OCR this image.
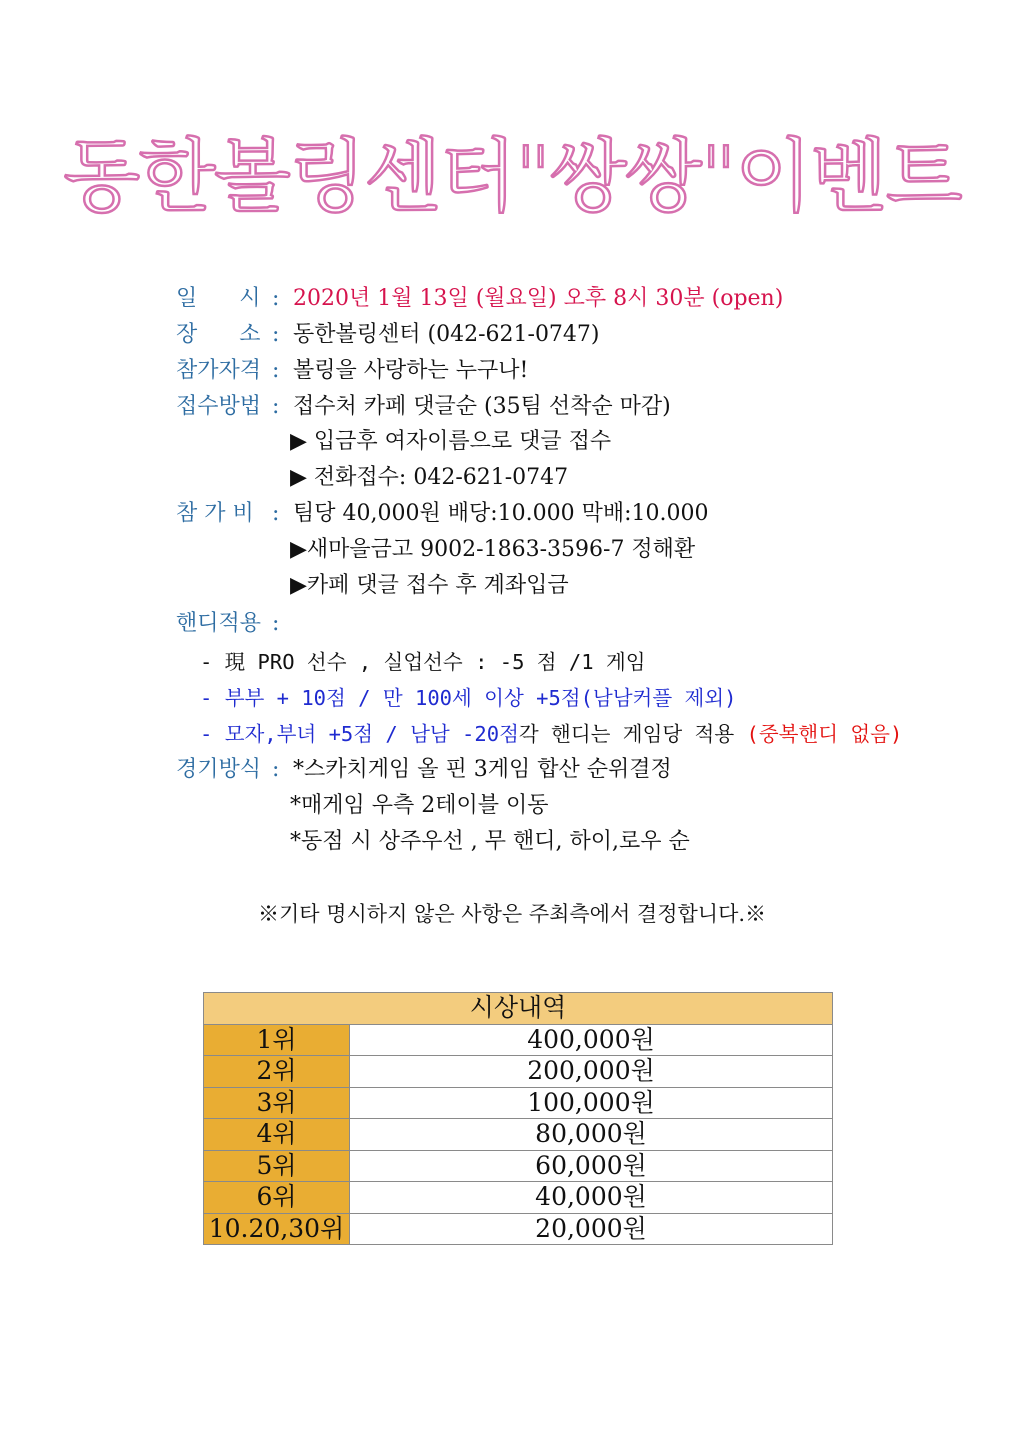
동한볼링센터"쌍쌍"이벤트
일      시 : 2020년 1월 13일 (월요일) 오후 8시 30분 (open)
장      소 : 동한볼링센터 (042-621-0747)
참가자격 : 볼링을 사랑하는 누구나!
접수방법 : 접수처 카페 댓글순 (35팀 선착순 마감)
▶ 입금후 여자이름으로 댓글 접수
▶ 전화접수: 042-621-0747
참 가 비 : 팀당 40,000원 배당:10.000 막배:10.000
▶새마을금고 9002-1863-3596-7 정해환
▶카페 댓글 접수 후 계좌입금
핸디적용 :
- 現 PRO 선수 , 실업선수 : -5 점 /1 게임
- 부부 + 10점 / 만 100세 이상 +5점(남남커플 제외)
- 모자,부녀 +5점 / 남남 -20점각 핸디는 게임당 적용 (중복핸디 없음)
경기방식 : *스카치게임 올 핀 3게임 합산 순위결정
*매게임 우측 2테이블 이동
*동점 시 상주우선 , 무 핸디, 하이,로우 순
※기타 명시하지 않은 사항은 주최측에서 결정합니다.※
시상내역	
1위	400,000원
2위	200,000원
3위	100,000원
4위	80,000원
5위	60,000원
6위	40,000원
10.20,30위	20,000원
